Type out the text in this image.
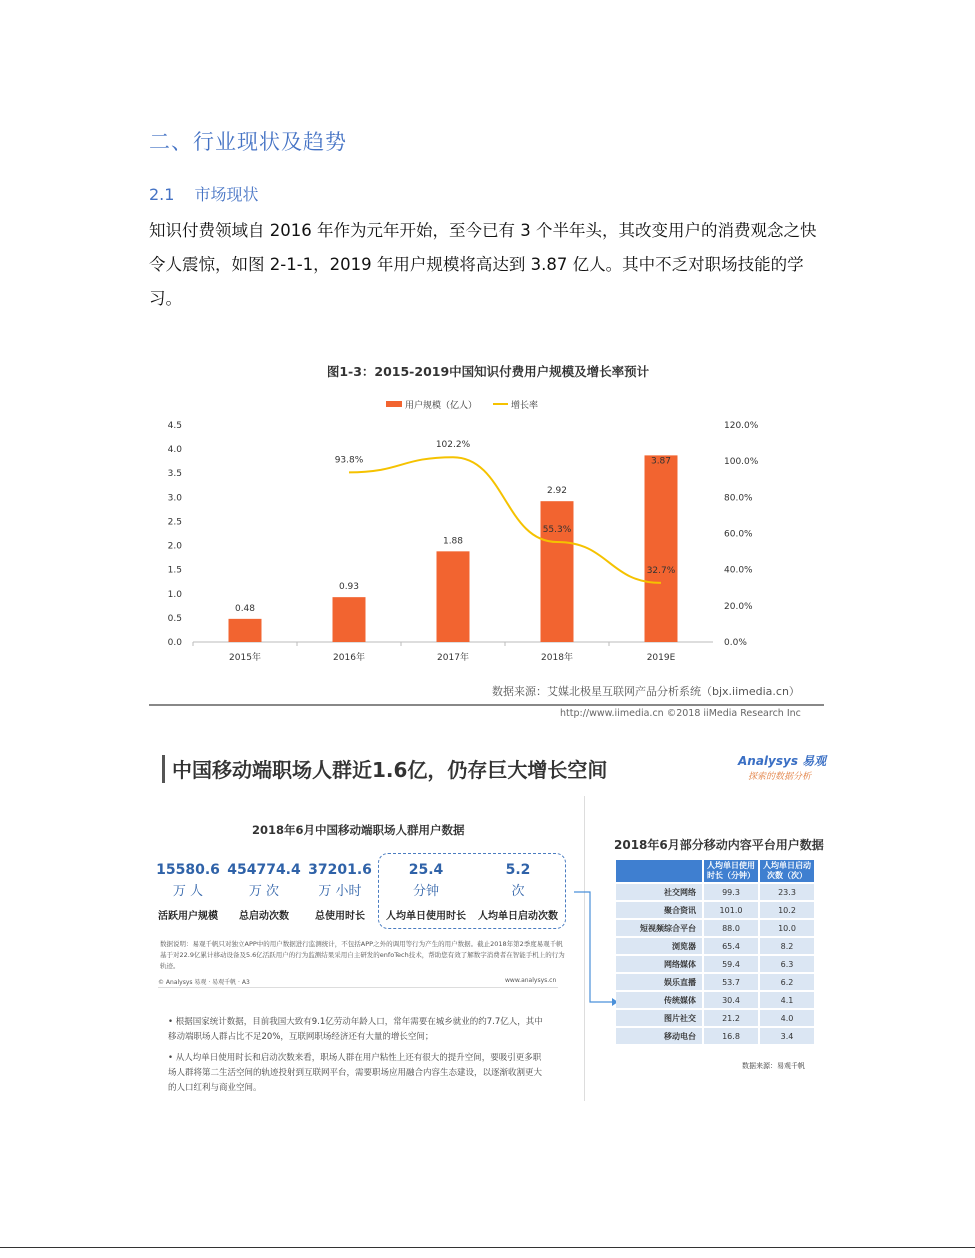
二、行业现状及趋势
2.1 市场现状
知识付费领域自 2016 年作为元年开始，至今已有 3 个半年头，其改变用户的消费观念之快令人震惊，如图 2-1-1，2019 年用户规模将高达到 3.87 亿人。其中不乏对职场技能的学习。
图1-3：2015-2019中国知识付费用户规模及增长率预计
用户规模（亿人）	增长率
0.0
0.5
1.0
1.5
2.0
2.5
3.0
3.5
4.0
4.5
0.0%
20.0%
40.0%
60.0%
80.0%
100.0%
120.0%
2015年	2016年	2017年	2018年	2019E
0.48
0.93
1.88
2.92
3.87
93.8%
102.2%
55.3%
32.7%
数据来源：艾媒北极星互联网产品分析系统（bjx.iimedia.cn）
http://www.iimedia.cn ©2018 iiMedia Research Inc
中国移动端职场人群近1.6亿，仍存巨大增长空间	Analysys 易观
探索的数据分析
2018年6月中国移动端职场人群用户数据
15580.6
万 人
活跃用户规模
454774.4
万 次
总启动次数
37201.6
万 小时
总使用时长
25.4
分钟
人均单日使用时长
5.2
次
人均单日启动次数
数据说明：易观千帆只对独立APP中的用户数据进行监测统计，不包括APP之外的调用等行为产生的用户数据。截止2018年第2季度易观千帆基于对22.9亿累计移动设备及5.6亿活跃用户的行为监测结果采用自主研发的enfoTech技术，帮助您有效了解数字消费者在智能手机上的行为轨迹。
© Analysys 易观 · 易观千帆 · A3	www.analysys.cn
• 根据国家统计数据，目前我国大致有9.1亿劳动年龄人口，常年需要在城乡就业的约7.7亿人，其中移动端职场人群占比不足20%，互联网职场经济还有大量的增长空间；
• 从人均单日使用时长和启动次数来看，职场人群在用户粘性上还有很大的提升空间，要吸引更多职场人群将第二生活空间的轨迹投射到互联网平台，需要职场应用融合内容生态建设，以逐渐收割更大的人口红利与商业空间。
2018年6月部分移动内容平台用户数据
	人均单日使用时长（分钟）	人均单日启动次数（次）
社交网络	99.3	23.3
聚合资讯	101.0	10.2
短视频综合平台	88.0	10.0
浏览器	65.4	8.2
网络媒体	59.4	6.3
娱乐直播	53.7	6.2
传统媒体	30.4	4.1
图片社交	21.2	4.0
移动电台	16.8	3.4
数据来源：易观千帆
